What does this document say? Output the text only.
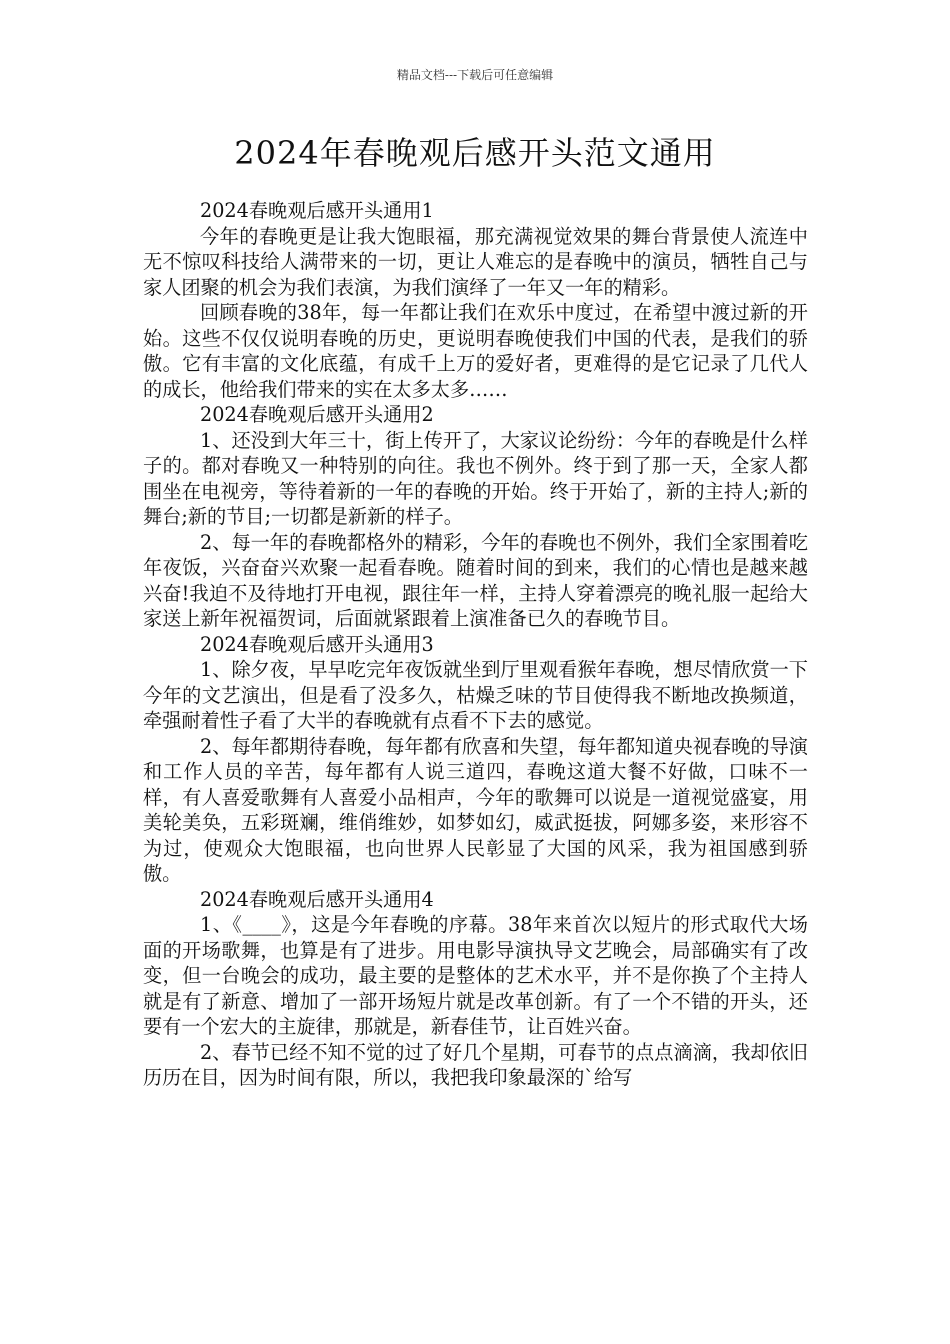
精品文档---下载后可任意编辑
2024年春晚观后感开头范文通用

2024春晚观后感开头通用1

今年的春晚更是让我大饱眼福，那充满视觉效果的舞台背景使人流连中无不惊叹科技给人满带来的一切，更让人难忘的是春晚中的演员，牺牲自己与家人团聚的机会为我们表演，为我们演绎了一年又一年的精彩。

回顾春晚的38年，每一年都让我们在欢乐中度过，在希望中渡过新的开始。这些不仅仅说明春晚的历史，更说明春晚使我们中国的代表，是我们的骄傲。它有丰富的文化底蕴，有成千上万的爱好者，更难得的是它记录了几代人的成长，他给我们带来的实在太多太多……

2024春晚观后感开头通用2

1、还没到大年三十，街上传开了，大家议论纷纷：今年的春晚是什么样子的。都对春晚又一种特别的向往。我也不例外。终于到了那一天，全家人都围坐在电视旁，等待着新的一年的春晚的开始。终于开始了，新的主持人;新的舞台;新的节目;一切都是新新的样子。

2、每一年的春晚都格外的精彩，今年的春晚也不例外，我们全家围着吃年夜饭，兴奋奋兴欢聚一起看春晚。随着时间的到来，我们的心情也是越来越兴奋!我迫不及待地打开电视，跟往年一样，主持人穿着漂亮的晚礼服一起给大家送上新年祝福贺词，后面就紧跟着上演准备已久的春晚节目。

2024春晚观后感开头通用3

1、除夕夜，早早吃完年夜饭就坐到厅里观看猴年春晚，想尽情欣赏一下今年的文艺演出，但是看了没多久，枯燥乏味的节目使得我不断地改换频道，牵强耐着性子看了大半的春晚就有点看不下去的感觉。

2、每年都期待春晚，每年都有欣喜和失望，每年都知道央视春晚的导演和工作人员的辛苦，每年都有人说三道四，春晚这道大餐不好做，口味不一样，有人喜爱歌舞有人喜爱小品相声，今年的歌舞可以说是一道视觉盛宴，用美轮美奂，五彩斑斓，维俏维妙，如梦如幻，威武挺拔，阿娜多姿，来形容不为过，使观众大饱眼福，也向世界人民彰显了大国的风采，我为祖国感到骄傲。

2024春晚观后感开头通用4

1、《____》，这是今年春晚的序幕。38年来首次以短片的形式取代大场面的开场歌舞，也算是有了进步。用电影导演执导文艺晚会，局部确实有了改变，但一台晚会的成功，最主要的是整体的艺术水平，并不是你换了个主持人就是有了新意、增加了一部开场短片就是改革创新。有了一个不错的开头，还要有一个宏大的主旋律，那就是，新春佳节，让百姓兴奋。

2、春节已经不知不觉的过了好几个星期，可春节的点点滴滴，我却依旧历历在目，因为时间有限，所以，我把我印象最深的`给写
